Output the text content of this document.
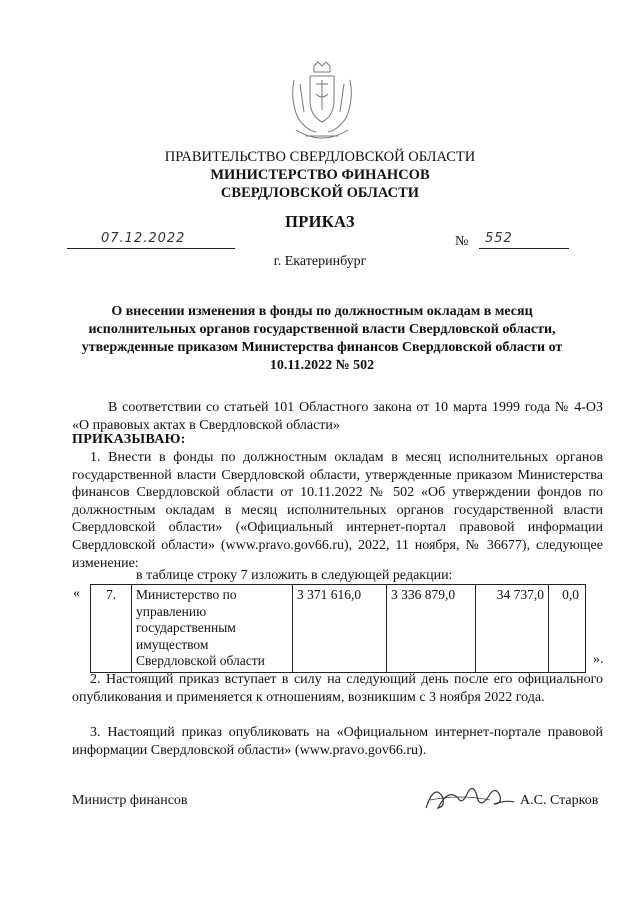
ПРАВИТЕЛЬСТВО СВЕРДЛОВСКОЙ ОБЛАСТИ
МИНИСТЕРСТВО ФИНАНСОВ
СВЕРДЛОВСКОЙ ОБЛАСТИ
ПРИКАЗ
07.12.2022	№ 552
г. Екатеринбург
О внесении изменения в фонды по должностным окладам в месяц исполнительных органов государственной власти Свердловской области, утвержденные приказом Министерства финансов Свердловской области от 10.11.2022 № 502
В соответствии со статьей 101 Областного закона от 10 марта 1999 года № 4-ОЗ «О правовых актах в Свердловской области»
ПРИКАЗЫВАЮ:
1. Внести в фонды по должностным окладам в месяц исполнительных органов государственной власти Свердловской области, утвержденные приказом Министерства финансов Свердловской области от 10.11.2022 № 502 «Об утверждении фондов по должностным окладам в месяц исполнительных органов государственной власти Свердловской области» («Официальный интернет-портал правовой информации Свердловской области» (www.pravo.gov66.ru), 2022, 11 ноября, № 36677), следующее изменение:
в таблице строку 7 изложить в следующей редакции:
« 7.	Министерство по управлению государственным имуществом Свердловской области	3 371 616,0	3 336 879,0	34 737,0	0,0
».
2. Настоящий приказ вступает в силу на следующий день после его официального опубликования и применяется к отношениям, возникшим с 3 ноября 2022 года.
3. Настоящий приказ опубликовать на «Официальном интернет-портале правовой информации Свердловской области» (www.pravo.gov66.ru).
Министр финансов	А.С. Старков
